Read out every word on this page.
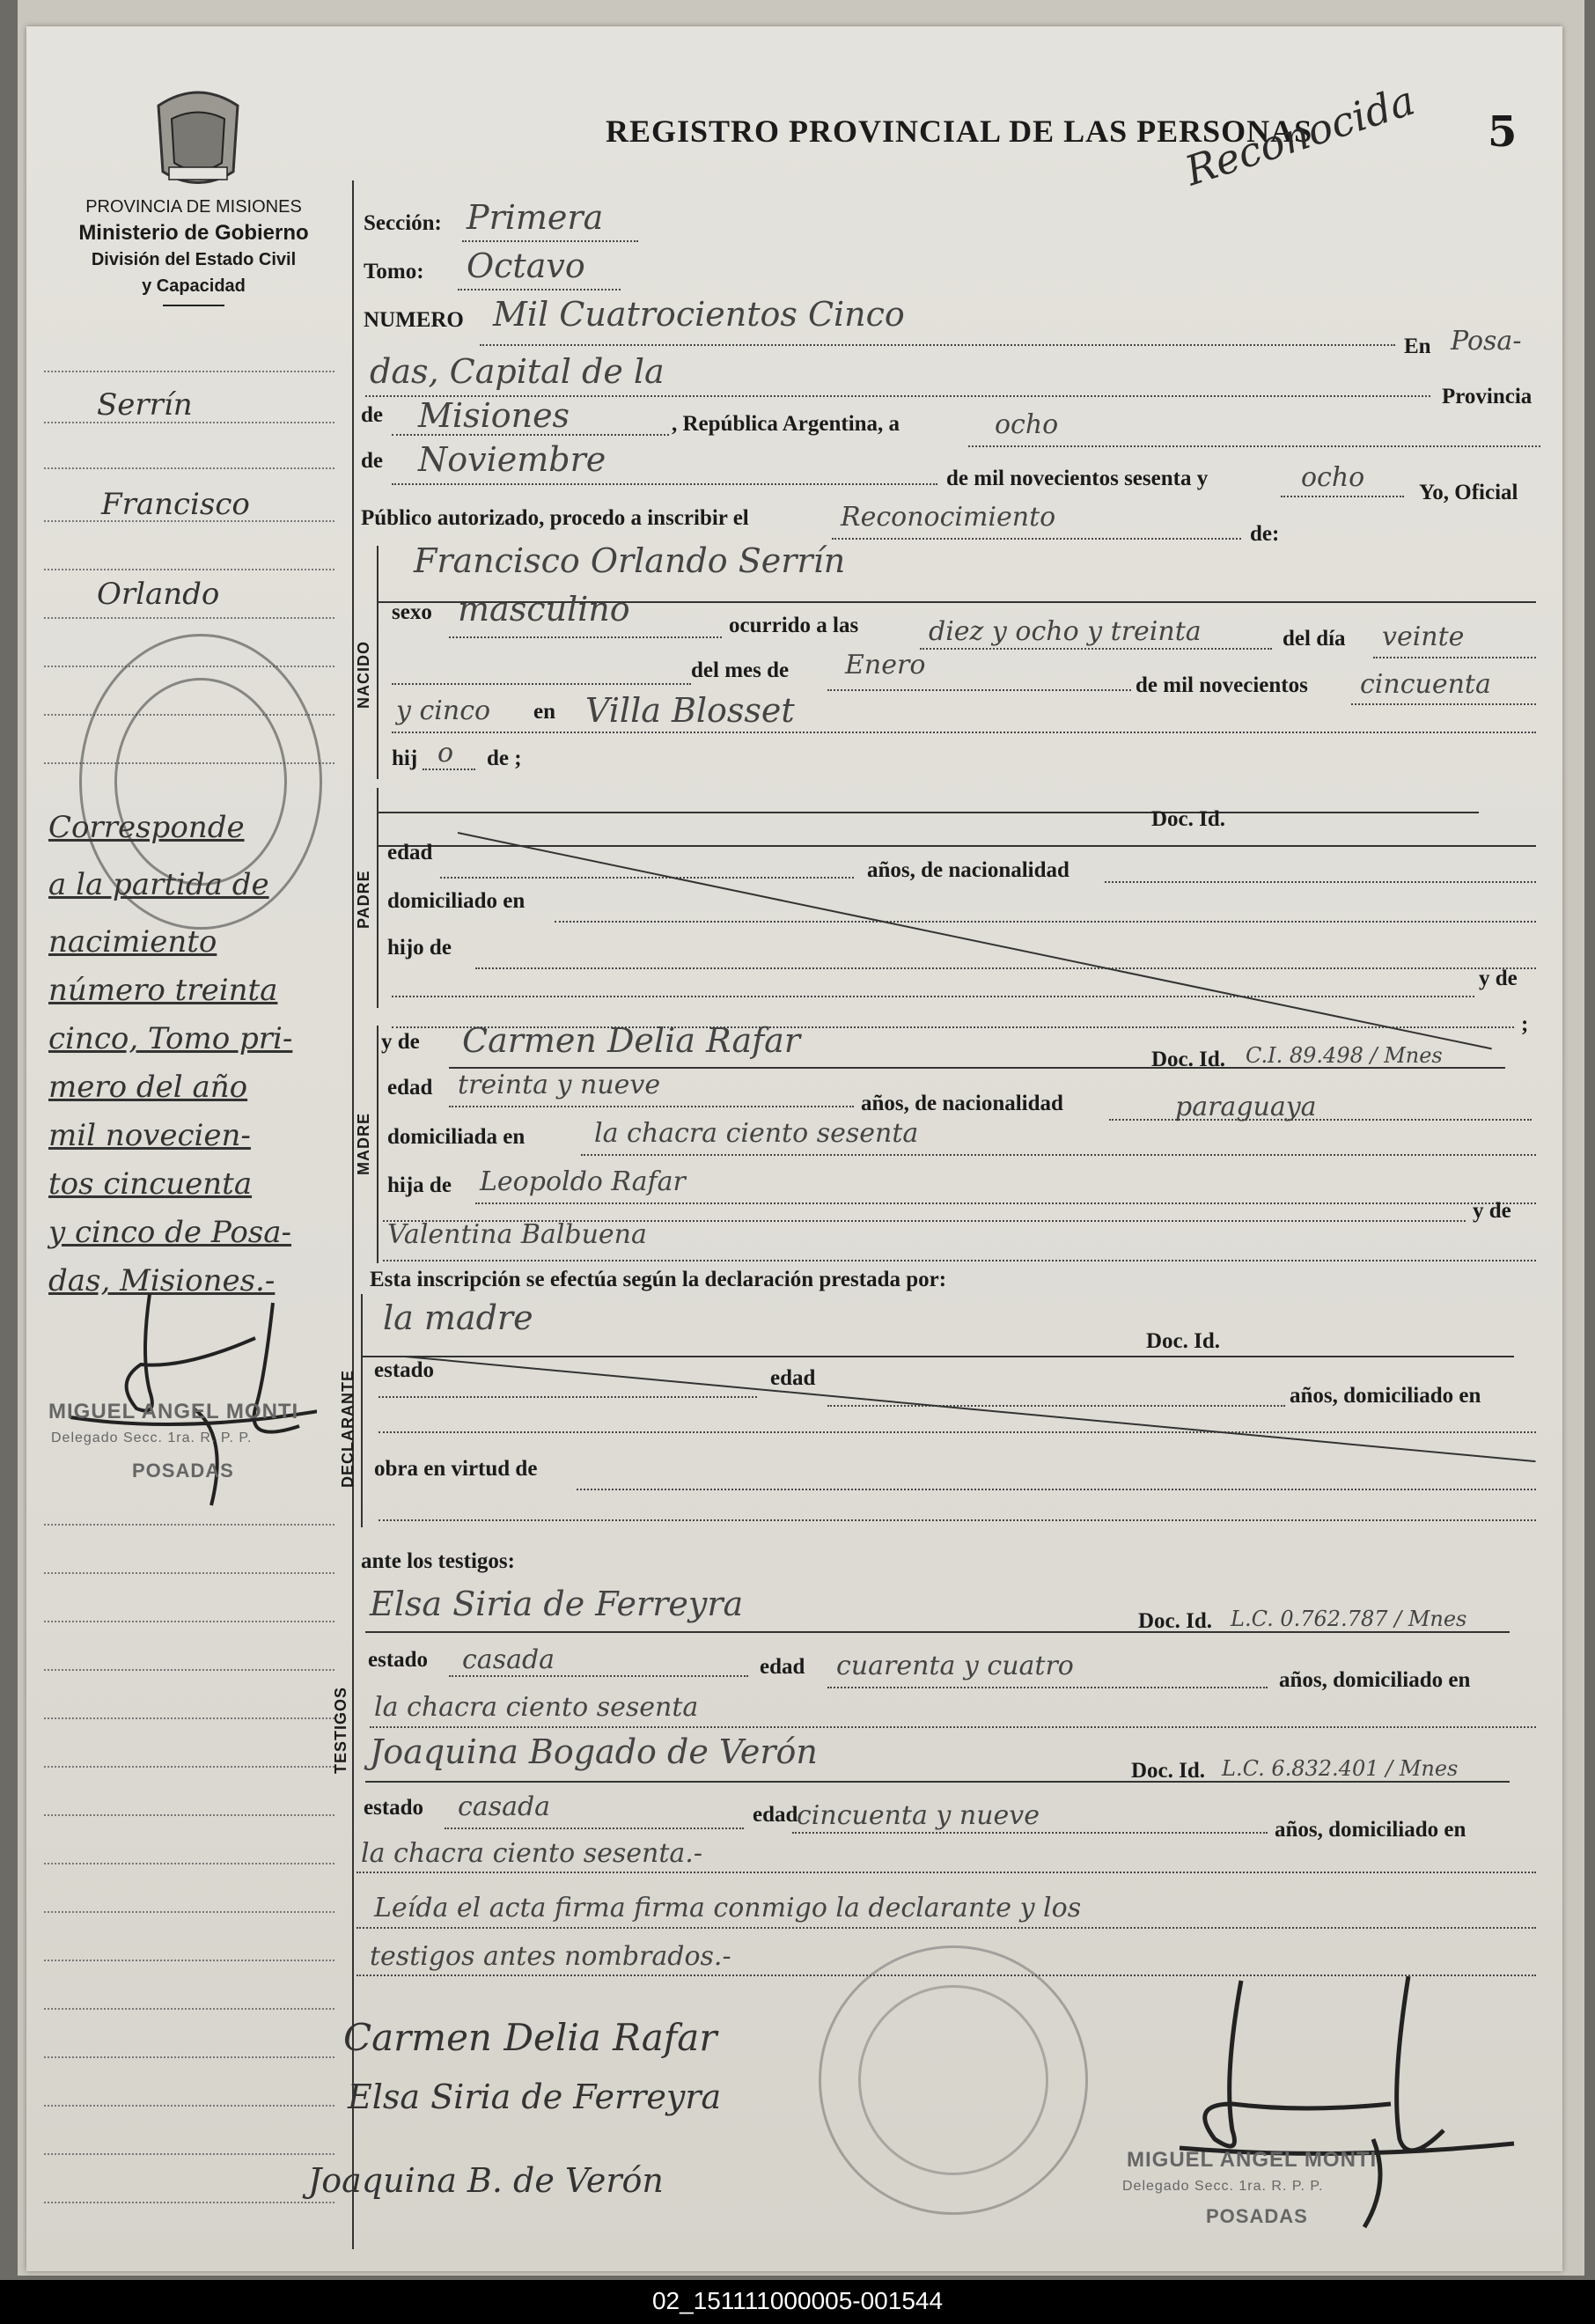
PROVINCIA DE MISIONES
Ministerio de Gobierno
División del Estado Civil
y Capacidad
REGISTRO PROVINCIAL DE LAS PERSONAS	5
Reconocida
Serrín
Francisco
Orlando
Corresponde
a la partida de
nacimiento
número treinta
cinco, Tomo pri-
mero del año
mil novecien-
tos cincuenta
y cinco de Posa-
das, Misiones.-
MIGUEL ANGEL MONTI
Delegado Secc. 1ra. R. P. P.
POSADAS
Sección: Primera
Tomo: Octavo
NUMERO Mil Cuatrocientos Cinco
En Posa-
das, Capital de la
Provincia
de Misiones	, República Argentina, a	ocho
de Noviembre	de mil novecientos sesenta y	ocho Yo, Oficial
Público autorizado, procedo a inscribir el	Reconocimiento
de:
NACIDO
Francisco Orlando Serrín
sexo masculino	ocurrido a las	diez y ocho y treinta	del día veinte
del mes de Enero
de mil novecientos cincuenta
y cinco en Villa Blosset
hij o de ;
PADRE
Doc. Id.
edad
años, de nacionalidad
domiciliado en
hijo de
y de
;
MADRE
y de Carmen Delia Rafar	Doc. Id. C.I. 89.498 / Mnes
edad treinta y nueve
años, de nacionalidad	paraguaya
domiciliada en	la chacra ciento sesenta
hija de Leopoldo Rafar
Valentina Balbuena
y de
Esta inscripción se efectúa según la declaración prestada por:
DECLARANTE
la madre
Doc. Id.
estado	edad
años, domiciliado en
obra en virtud de
ante los testigos:
TESTIGOS
Elsa Siria de Ferreyra	Doc. Id. L.C. 0.762.787 / Mnes
estado casada	edad cuarenta y cuatro	años, domiciliado en
la chacra ciento sesenta
Joaquina Bogado de Verón	Doc. Id. L.C. 6.832.401 / Mnes
estado casada	edad
cincuenta y nueve	años, domiciliado en
la chacra ciento sesenta.-
Leída el acta firma firma conmigo la declarante y los
testigos antes nombrados.-
Carmen Delia Rafar
Elsa Siria de Ferreyra
Joaquina B. de Verón
MIGUEL ANGEL MONTI
Delegado Secc. 1ra. R. P. P.
POSADAS
02_151111000005-001544
